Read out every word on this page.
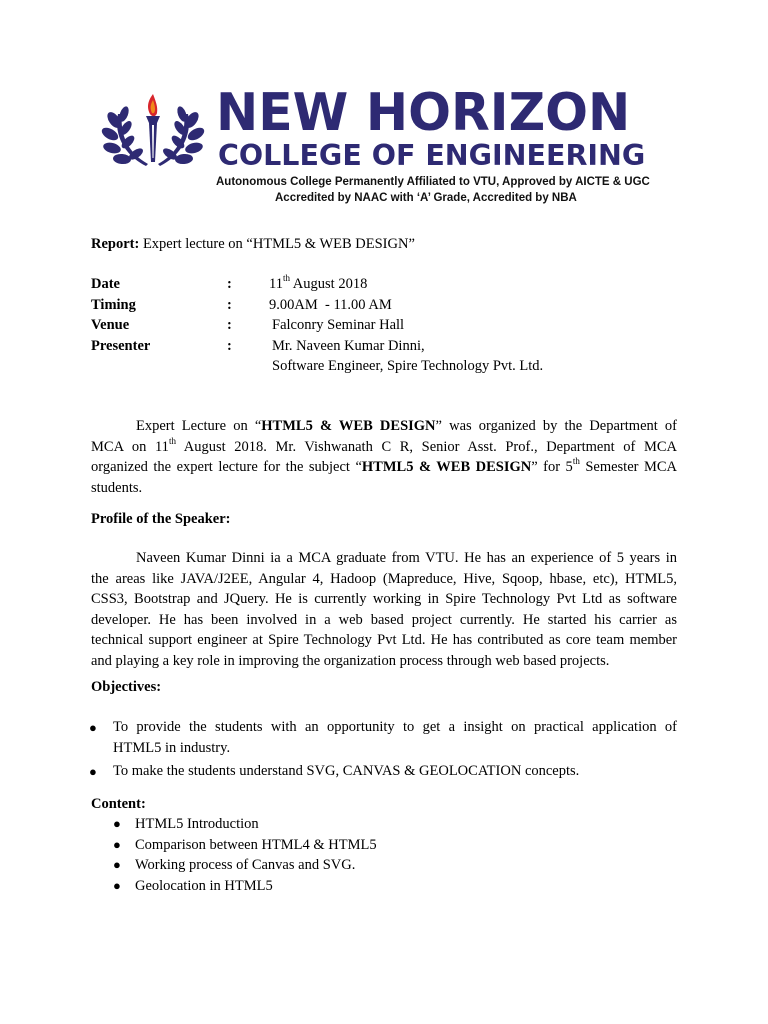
NEW HORIZON

COLLEGE OF ENGINEERING

Autonomous College Permanently Affiliated to VTU, Approved by AICTE & UGC

Accredited by NAAC with ‘A’ Grade, Accredited by NBA

Report: Expert lecture on “HTML5 & WEB DESIGN”
Date	:	11th August 2018
Timing	:	9.00AM  - 11.00 AM
Venue	:	Falconry Seminar Hall
Presenter	:	Mr. Naveen Kumar Dinni,
Software Engineer, Spire Technology Pvt. Ltd.
Expert Lecture on “HTML5 & WEB DESIGN” was organized by the Department of
MCA on 11th August 2018. Mr. Vishwanath C R, Senior Asst. Prof., Department of MCA
organized the expert lecture for the subject “HTML5 & WEB DESIGN” for 5th Semester MCA
students.

Profile of the Speaker:

Naveen Kumar Dinni ia a MCA graduate from VTU. He has an experience of 5 years in
the areas like JAVA/J2EE, Angular 4, Hadoop (Mapreduce, Hive, Sqoop, hbase, etc), HTML5,
CSS3, Bootstrap and JQuery. He is currently working in Spire Technology Pvt Ltd as software
developer. He has been involved in a web based project currently. He started his carrier as
technical support engineer at Spire Technology Pvt Ltd. He has contributed as core team member
and playing a key role in improving the organization process through web based projects.

Objectives:

● To provide the students with an opportunity to get a insight on practical application of
HTML5 in industry.
● To make the students understand SVG, CANVAS & GEOLOCATION concepts.

Content:

● HTML5 Introduction
● Comparison between HTML4 & HTML5
● Working process of Canvas and SVG.
● Geolocation in HTML5
